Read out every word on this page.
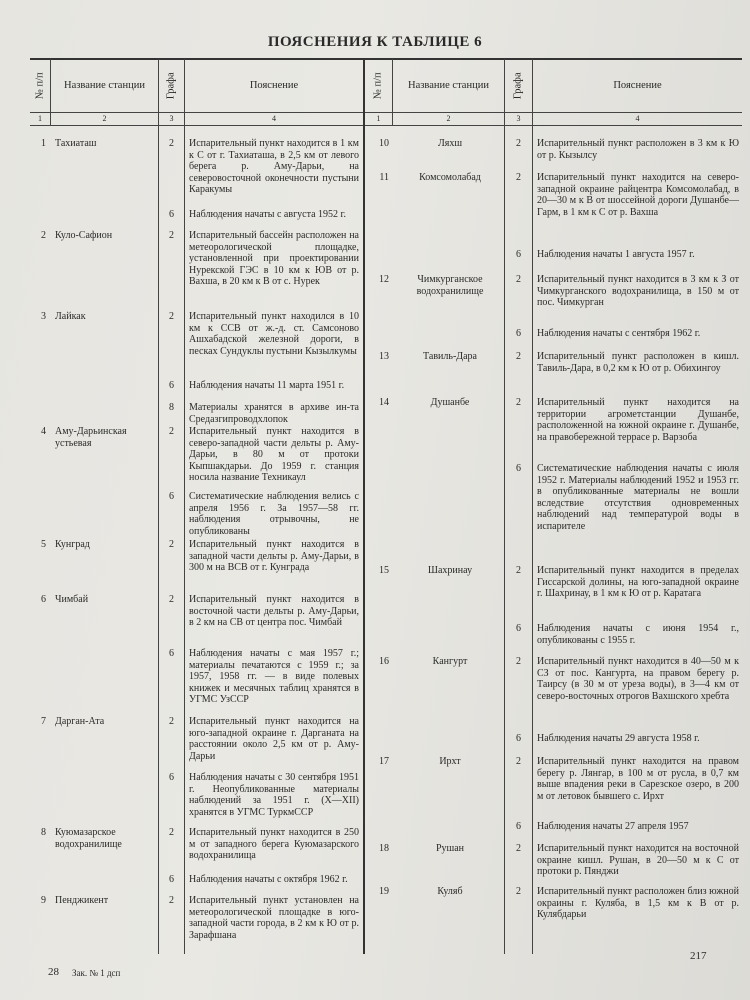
ПОЯСНЕНИЯ К ТАБЛИЦЕ 6
№ п/п	Название станции	Графа	Пояснение	№ п/п	Название станции	Графа	Пояснение
1	2	3	4	1	2	3	4
1 Тахиаташ	2	Испарительный пункт находится в 1 км к С от г. Тахиаташа, в 2,5 км от левого берега р. Аму-Дарьи, на северовосточной оконечности пустыни Каракумы
6	Наблюдения начаты с августа 1952 г.
2 Куло-Сафион	2	Испарительный бассейн расположен на метеорологической площадке, установленной при проектировании Нурекской ГЭС в 10 км к ЮВ от р. Вахша, в 20 км к В от с. Нурек
3 Лайкак	2	Испарительный пункт находился в 10 км к ССВ от ж.-д. ст. Самсоново Ашхабадской железной дороги, в песках Сундуклы пустыни Кызылкумы
6	Наблюдения начаты 11 марта 1951 г.
8	Материалы хранятся в архиве ин-та Средазгипроводхлопок
4 Аму-Дарьинская устьевая
2	Испарительный пункт находится в северо-западной части дельты р. Аму-Дарьи, в 80 м от протоки Кыпшакдарьи. До 1959 г. станция носила название Техникаул
6	Систематические наблюдения велись с апреля 1956 г. За 1957—58 гг. наблюдения отрывочны, не опубликованы
5 Кунград	2	Испарительный пункт находится в западной части дельты р. Аму-Дарьи, в 300 м на ВСВ от г. Кунграда
6 Чимбай	2	Испарительный пункт находится в восточной части дельты р. Аму-Дарьи, в 2 км на СВ от центра пос. Чимбай
6	Наблюдения начаты с мая 1957 г.; материалы печатаются с 1959 г.; за 1957, 1958 гг. — в виде полевых книжек и месячных таблиц хранятся в УГМС УзССР
7 Дарган-Ата	2	Испарительный пункт находится на юго-западной окраине г. Дарганата на расстоянии около 2,5 км от р. Аму-Дарьи
6	Наблюдения начаты с 30 сентября 1951 г. Неопубликованные материалы наблюдений за 1951 г. (X—XII) хранятся в УГМС ТуркмССР
8 Куюмазарское водохранилище
2	Испарительный пункт находится в 250 м от западного берега Куюмазарского водохранилища
6	Наблюдения начаты с октября 1962 г.
9 Пенджикент	2	Испарительный пункт установлен на метеорологической площадке в юго-западной части города, в 2 км к Ю от р. Зарафшана
10	Ляхш	2	Испарительный пункт расположен в 3 км к Ю от р. Кызылсу
11	Комсомолабад	2	Испарительный пункт находится на северо-западной окраине райцентра Комсомолабад, в 20—30 м к В от шоссейной дороги Душанбе—Гарм, в 1 км к С от р. Вахша
6	Наблюдения начаты 1 августа 1957 г.
12	Чимкурганское водохранилище
2	Испарительный пункт находится в 3 км к З от Чимкурганского водохранилища, в 150 м от пос. Чимкурган
6	Наблюдения начаты с сентября 1962 г.
13	Тавиль-Дара	2	Испарительный пункт расположен в кишл. Тавиль-Дара, в 0,2 км к Ю от р. Обихингоу
14	Душанбе	2	Испарительный пункт находится на территории агрометстанции Душанбе, расположенной на южной окраине г. Душанбе, на правобережной террасе р. Варзоба
6	Систематические наблюдения начаты с июля 1952 г. Материалы наблюдений 1952 и 1953 гг. в опубликованные материалы не вошли вследствие отсутствия одновременных наблюдений над температурой воды в испарителе
15	Шахринау	2	Испарительный пункт находится в пределах Гиссарской долины, на юго-западной окраине г. Шахринау, в 1 км к Ю от р. Каратага
6	Наблюдения начаты с июня 1954 г., опубликованы с 1955 г.
16	Кангурт	2	Испарительный пункт находится в 40—50 м к СЗ от пос. Кангурта, на правом берегу р. Таирсу (в 30 м от уреза воды), в 3—4 км от северо-восточных отрогов Вахшского хребта
6	Наблюдения начаты 29 августа 1958 г.
17	Ирхт	2	Испарительный пункт находится на правом берегу р. Лянгар, в 100 м от русла, в 0,7 км выше впадения реки в Сарезское озеро, в 200 м от летовок бывшего с. Ирхт
6	Наблюдения начаты 27 апреля 1957
18	Рушан	2	Испарительный пункт находится на восточной окраине кишл. Рушан, в 20—50 м к С от протоки р. Пянджи
19	Куляб	2	Испарительный пункт расположен близ южной окраины г. Куляба, в 1,5 км к В от р. Кулябдарьи
28 Зак. № 1 дсп
217
